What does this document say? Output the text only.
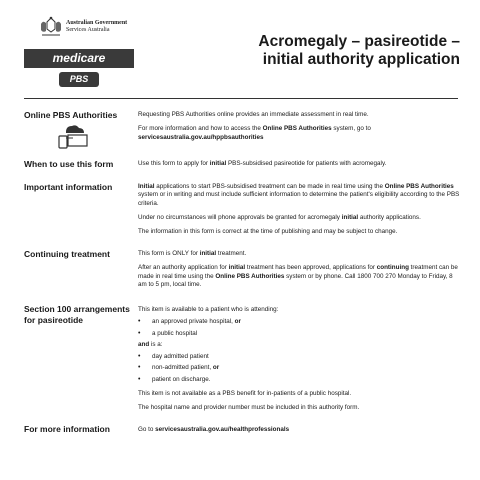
Australian Government
Services Australia
medicare
PBS
Acromegaly – pasireotide –
initial authority application
Online PBS Authorities	Requesting PBS Authorities online provides an immediate assessment in real time.

For more information and how to access the Online PBS Authorities system, go to
servicesaustralia.gov.au/hppbsauthorities

When to use this form	Use this form to apply for initial PBS-subsidised pasireotide for patients with acromegaly.

Important information	Initial applications to start PBS-subsidised treatment can be made in real time using the Online PBS Authorities system or in writing and must include sufficient information to determine the patient's eligibility according to the PBS criteria.

Under no circumstances will phone approvals be granted for acromegaly initial authority applications.

The information in this form is correct at the time of publishing and may be subject to change.

Continuing treatment	This form is ONLY for initial treatment.

After an authority application for initial treatment has been approved, applications for continuing treatment can be made in real time using the Online PBS Authorities system or by phone. Call 1800 700 270 Monday to Friday, 8 am to 5 pm, local time.

Section 100 arrangements
for pasireotide

This item is available to a patient who is attending:

• an approved private hospital, or
• a public hospital

and is a:

• day admitted patient
• non-admitted patient, or
• patient on discharge.

This item is not available as a PBS benefit for in-patients of a public hospital.

The hospital name and provider number must be included in this authority form.

For more information	Go to servicesaustralia.gov.au/healthprofessionals
